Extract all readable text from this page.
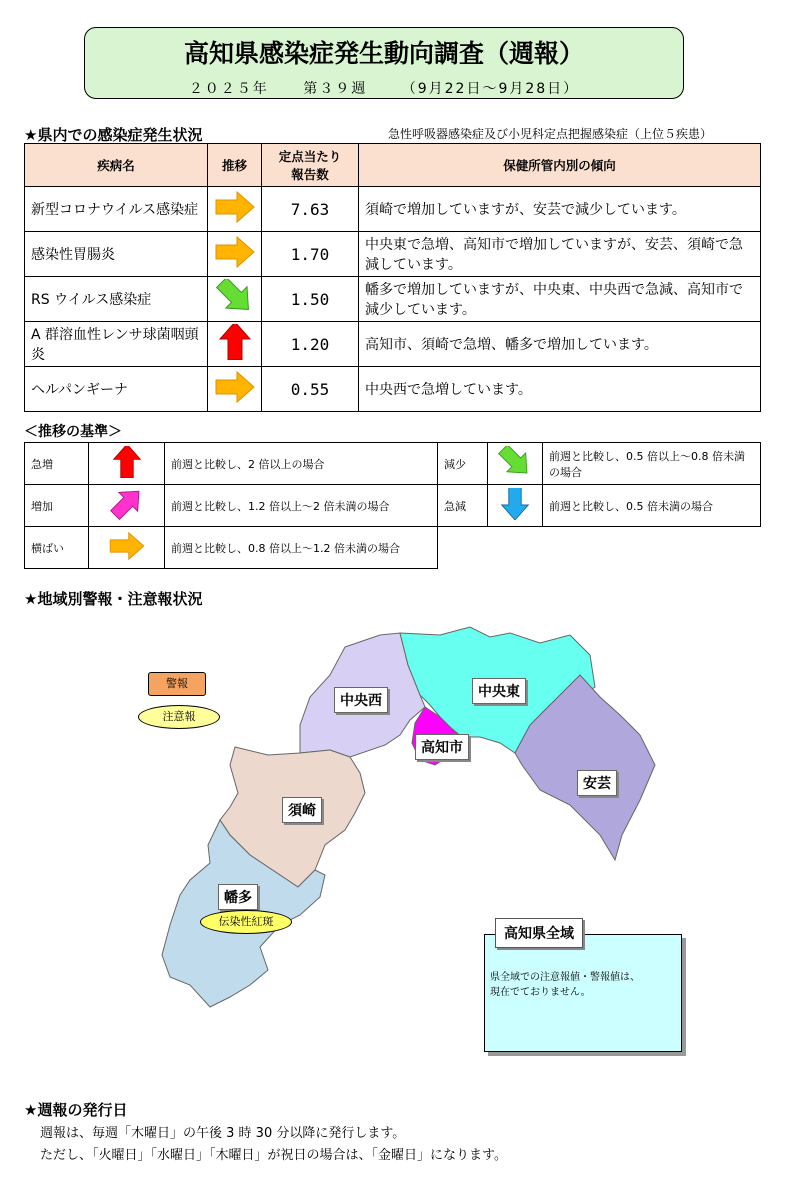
高知県感染症発生動向調査（週報）
２０２５年 第３９週 （9月22日～9月28日）
★県内での感染症発生状況	急性呼吸器感染症及び小児科定点把握感染症（上位５疾患）
疾病名	推移	定点当たり
報告数	保健所管内別の傾向
新型コロナウイルス感染症		7.63	須崎で増加していますが、安芸で減少しています。
感染性胃腸炎		1.70	中央東で急増、高知市で増加していますが、安芸、須崎で急減しています。
RS ウイルス感染症		1.50	幡多で増加していますが、中央東、中央西で急減、高知市で減少しています。
A 群溶血性レンサ球菌咽頭炎		1.20	高知市、須崎で急増、幡多で増加しています。
ヘルパンギーナ		0.55	中央西で急増しています。
＜推移の基準＞
急増		前週と比較し、2 倍以上の場合	減少		前週と比較し、0.5 倍以上～0.8 倍未満の場合
増加		前週と比較し、1.2 倍以上～2 倍未満の場合	急減		前週と比較し、0.5 倍未満の場合
横ばい		前週と比較し、0.8 倍以上～1.2 倍未満の場合			
★地域別警報・注意報状況
警報
注意報
中央西
中央東
高知市
安芸
須崎
幡多
伝染性紅斑
高知県全域
県全域での注意報値・警報値は、
現在でておりません。
★週報の発行日
週報は、毎週「木曜日」の午後 3 時 30 分以降に発行します。
ただし、「火曜日」「水曜日」「木曜日」が祝日の場合は、「金曜日」になります。
